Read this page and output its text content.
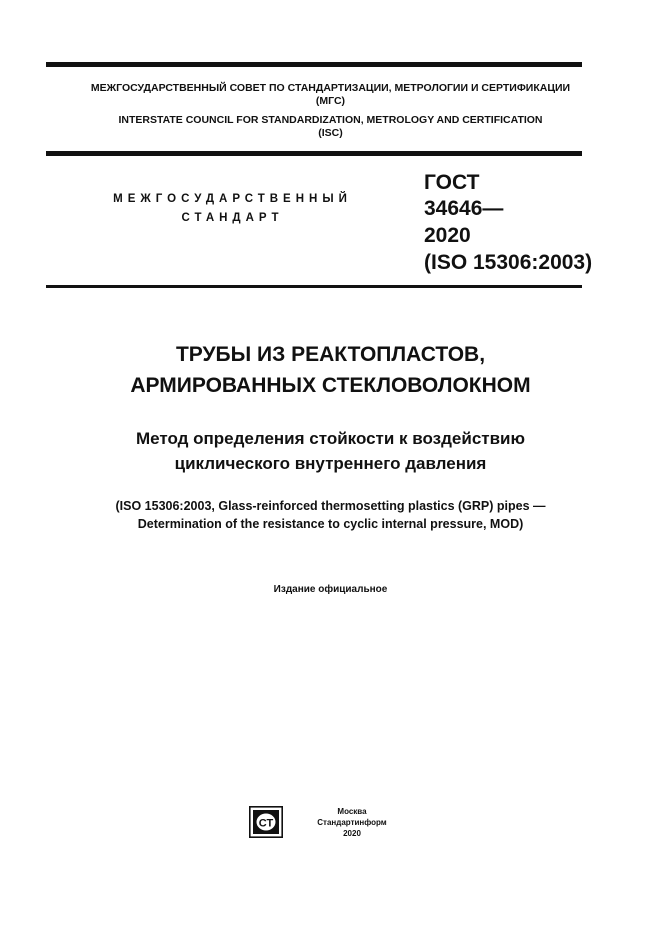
МЕЖГОСУДАРСТВЕННЫЙ СОВЕТ ПО СТАНДАРТИЗАЦИИ, МЕТРОЛОГИИ И СЕРТИФИКАЦИИ
(МГС)
INTERSTATE COUNCIL FOR STANDARDIZATION, METROLOGY AND CERTIFICATION
(ISC)
МЕЖГОСУДАРСТВЕННЫЙ
СТАНДАРТ
ГОСТ
34646—
2020
(ISO 15306:2003)
ТРУБЫ ИЗ РЕАКТОПЛАСТОВ,
АРМИРОВАННЫХ СТЕКЛОВОЛОКНОМ
Метод определения стойкости к воздействию
циклического внутреннего давления
(ISO 15306:2003, Glass-reinforced thermosetting plastics (GRP) pipes —
Determination of the resistance to cyclic internal pressure, MOD)
Издание официальное
СТ
Москва
Стандартинформ
2020
